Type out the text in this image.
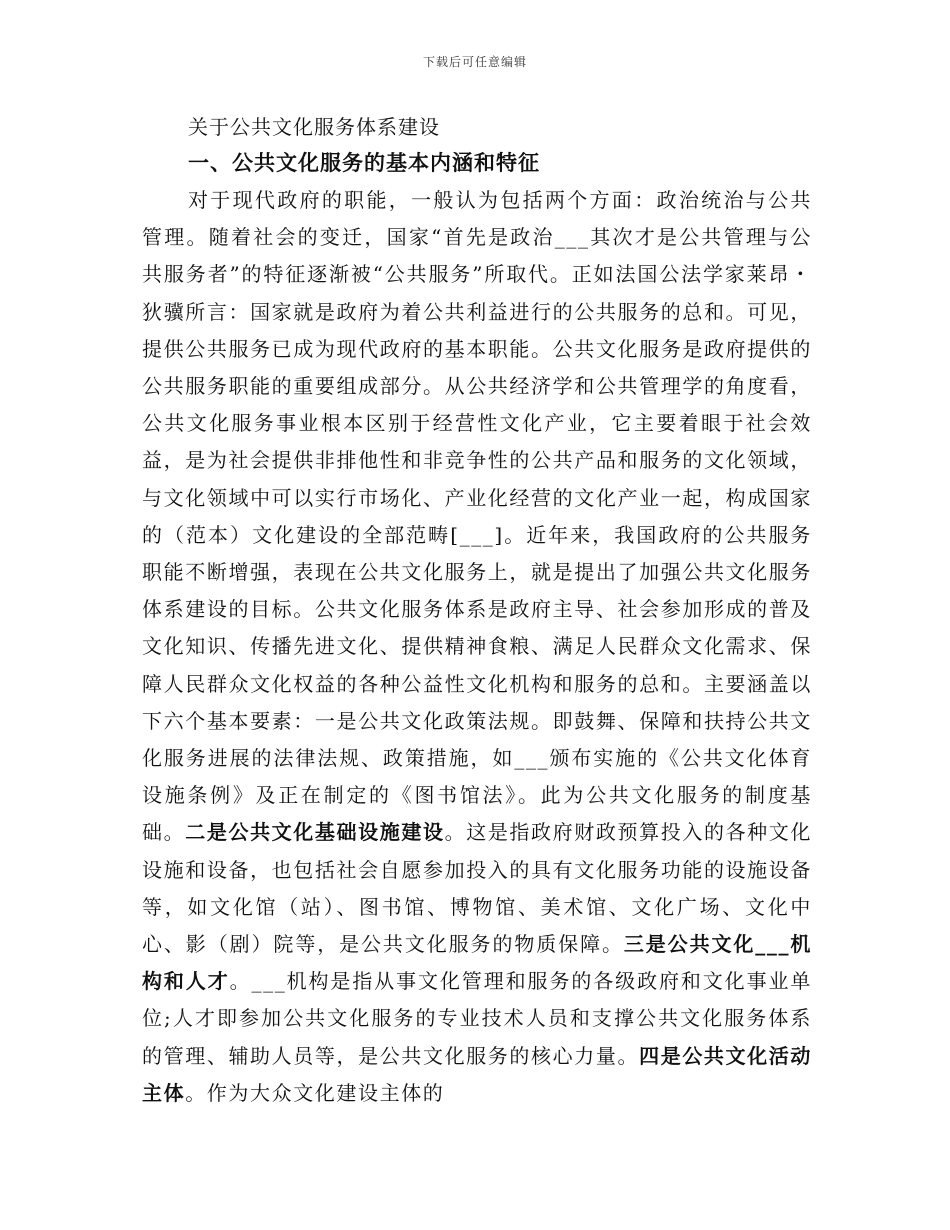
下载后可任意编辑
关于公共文化服务体系建设
一、公共文化服务的基本内涵和特征

对于现代政府的职能，一般认为包括两个方面：政治统治与公共管理。随着社会的变迁，国家“首先是政治___其次才是公共管理与公共服务者”的特征逐渐被“公共服务”所取代。正如法国公法学家莱昂・狄骥所言：国家就是政府为着公共利益进行的公共服务的总和。可见，提供公共服务已成为现代政府的基本职能。公共文化服务是政府提供的公共服务职能的重要组成部分。从公共经济学和公共管理学的角度看，公共文化服务事业根本区别于经营性文化产业，它主要着眼于社会效益，是为社会提供非排他性和非竞争性的公共产品和服务的文化领域，与文化领域中可以实行市场化、产业化经营的文化产业一起，构成国家的（范本）文化建设的全部范畴[___]。近年来，我国政府的公共服务职能不断增强，表现在公共文化服务上，就是提出了加强公共文化服务体系建设的目标。公共文化服务体系是政府主导、社会参加形成的普及文化知识、传播先进文化、提供精神食粮、满足人民群众文化需求、保障人民群众文化权益的各种公益性文化机构和服务的总和。主要涵盖以下六个基本要素：一是公共文化政策法规。即鼓舞、保障和扶持公共文化服务进展的法律法规、政策措施，如___颁布实施的《公共文化体育设施条例》及正在制定的《图书馆法》。此为公共文化服务的制度基础。二是公共文化基础设施建设。这是指政府财政预算投入的各种文化设施和设备，也包括社会自愿参加投入的具有文化服务功能的设施设备等，如文化馆（站）、图书馆、博物馆、美术馆、文化广场、文化中心、影（剧）院等，是公共文化服务的物质保障。三是公共文化___机构和人才。___机构是指从事文化管理和服务的各级政府和文化事业单位;人才即参加公共文化服务的专业技术人员和支撑公共文化服务体系的管理、辅助人员等，是公共文化服务的核心力量。四是公共文化活动主体。作为大众文化建设主体的
